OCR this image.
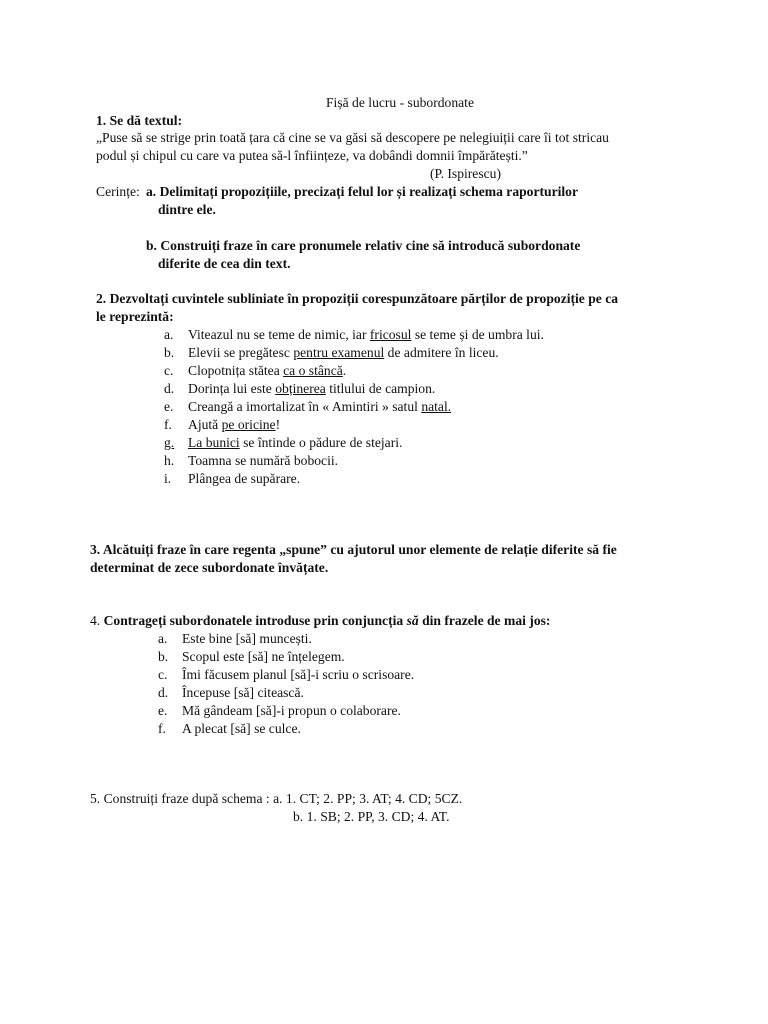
Fișă de lucru - subordonate
1. Se dă textul:
„Puse să se strige prin toată țara că cine se va găsi să descopere pe nelegiuiții care îi tot stricau
podul și chipul cu care va putea să-l înființeze, va dobândi domnii împărătești.”
(P. Ispirescu)
Cerințe: a. Delimitați propozițiile, precizați felul lor și realizați schema raporturilor
dintre ele.
b. Construiți fraze în care pronumele relativ cine să introducă subordonate
diferite de cea din text.
2. Dezvoltați cuvintele subliniate în propoziții corespunzătoare părților de propoziție pe ca
le reprezintă:
a. Viteazul nu se teme de nimic, iar fricosul se teme și de umbra lui.
b. Elevii se pregătesc pentru examenul de admitere în liceu.
c. Clopotnița stătea ca o stâncă.
d. Dorința lui este obținerea titlului de campion.
e. Creangă a imortalizat în « Amintiri » satul natal.
f. Ajută pe oricine!
g. La bunici se întinde o pădure de stejari.
h. Toamna se numără bobocii.
i. Plângea de supărare.
3. Alcătuiți fraze în care regenta „spune” cu ajutorul unor elemente de relație diferite să fie
determinat de zece subordonate învățate.
4. Contrageți subordonatele introduse prin conjuncția să din frazele de mai jos:
a. Este bine [să] muncești.
b. Scopul este [să] ne înțelegem.
c. Îmi făcusem planul [să]-i scriu o scrisoare.
d. Începuse [să] citească.
e. Mă gândeam [să]-i propun o colaborare.
f. A plecat [să] se culce.
5. Construiți fraze după schema : a. 1. CT; 2. PP; 3. AT; 4. CD; 5CZ.
b. 1. SB; 2. PP, 3. CD; 4. AT.
